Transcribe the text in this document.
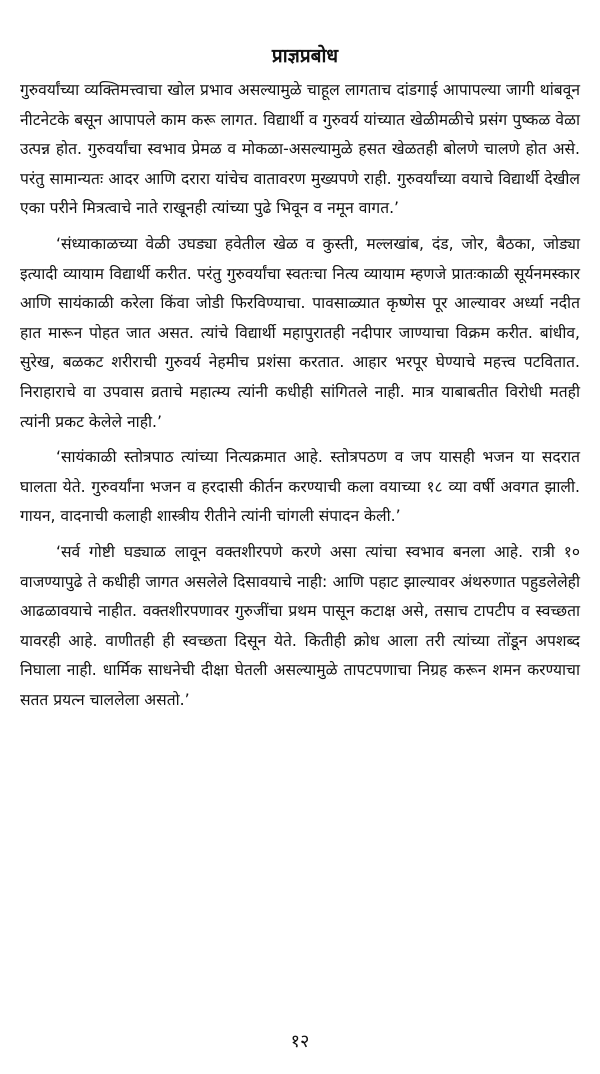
प्राज्ञप्रबोध

गुरुवर्यांच्या व्यक्तिमत्त्वाचा खोल प्रभाव असल्यामुळे चाहूल लागताच दांडगाई आपापल्या जागी थांबवून नीटनेटके बसून आपापले काम करू लागत. विद्यार्थी व गुरुवर्य यांच्यात खेळीमळीचे प्रसंग पुष्कळ वेळा उत्पन्न होत. गुरुवर्यांचा स्वभाव प्रेमळ व मोकळा-असल्यामुळे हसत खेळतही बोलणे चालणे होत असे. परंतु सामान्यतः आदर आणि दरारा यांचेच वातावरण मुख्यपणे राही. गुरुवर्यांच्या वयाचे विद्यार्थी देखील एका परीने मित्रत्वाचे नाते राखूनही त्यांच्या पुढे भिवून व नमून वागत.’

‘संध्याकाळच्या वेळी उघड्या हवेतील खेळ व कुस्ती, मल्लखांब, दंड, जोर, बैठका, जोड्या इत्यादी व्यायाम विद्यार्थी करीत. परंतु गुरुवर्यांचा स्वतःचा नित्य व्यायाम म्हणजे प्रातःकाळी सूर्यनमस्कार आणि सायंकाळी करेला किंवा जोडी फिरविण्याचा. पावसाळ्यात कृष्णेस पूर आल्यावर अर्ध्या नदीत हात मारून पोहत जात असत. त्यांचे विद्यार्थी महापुरातही नदीपार जाण्याचा विक्रम करीत. बांधीव, सुरेख, बळकट शरीराची गुरुवर्य नेहमीच प्रशंसा करतात. आहार भरपूर घेण्याचे महत्त्व पटवितात. निराहाराचे वा उपवास व्रताचे महात्म्य त्यांनी कधीही सांगितले नाही. मात्र याबाबतीत विरोधी मतही त्यांनी प्रकट केलेले नाही.’

‘सायंकाळी स्तोत्रपाठ त्यांच्या नित्यक्रमात आहे. स्तोत्रपठण व जप यासही भजन या सदरात घालता येते. गुरुवर्यांना भजन व हरदासी कीर्तन करण्याची कला वयाच्या १८ व्या वर्षी अवगत झाली. गायन, वादनाची कलाही शास्त्रीय रीतीने त्यांनी चांगली संपादन केली.’

‘सर्व गोष्टी घड्याळ लावून वक्तशीरपणे करणे असा त्यांचा स्वभाव बनला आहे. रात्री १० वाजण्यापुढे ते कधीही जागत असलेले दिसावयाचे नाही: आणि पहाट झाल्यावर अंथरुणात पहुडलेलेही आढळावयाचे नाहीत. वक्तशीरपणावर गुरुजींचा प्रथम पासून कटाक्ष असे, तसाच टापटीप व स्वच्छता यावरही आहे. वाणीतही ही स्वच्छता दिसून येते. कितीही क्रोध आला तरी त्यांच्या तोंडून अपशब्द निघाला नाही. धार्मिक साधनेची दीक्षा घेतली असल्यामुळे तापटपणाचा निग्रह करून शमन करण्याचा सतत प्रयत्न चाललेला असतो.’

१२
